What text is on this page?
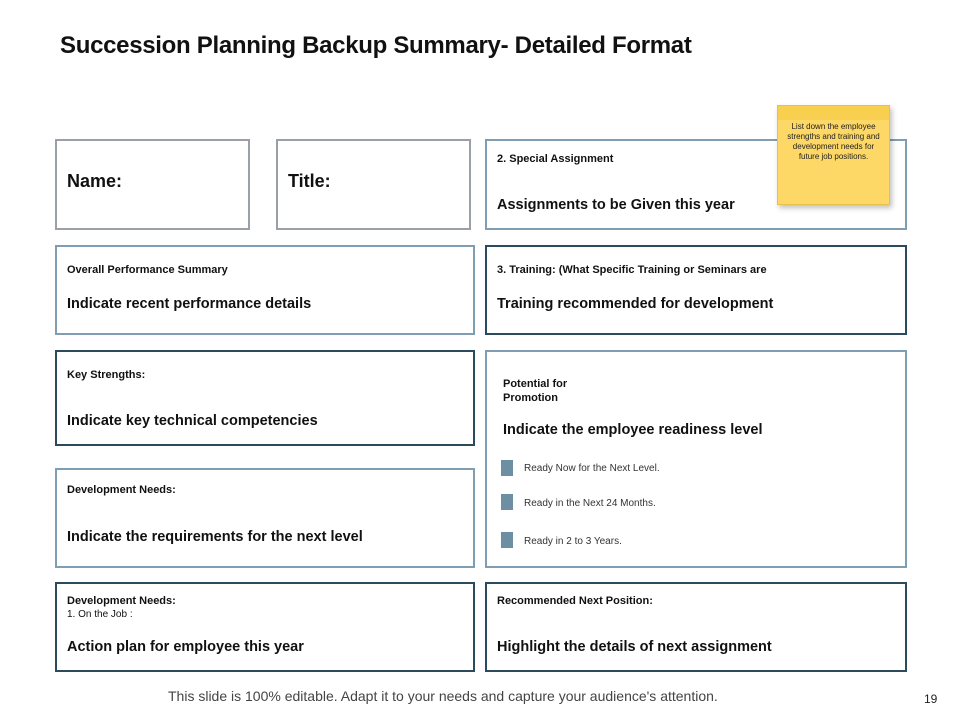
Succession Planning Backup Summary- Detailed Format
Name:	Title:
2. Special Assignment
Assignments to be Given this year
List down the employee strengths and training and development needs for future job positions.
Overall Performance Summary
Indicate recent performance details
3. Training: (What Specific Training or Seminars are
Training recommended for development
Key Strengths:
Indicate key technical competencies
Potential for
Promotion
Indicate the employee readiness level
Ready Now for the Next Level.
Ready in the Next 24 Months.
Ready in 2 to 3 Years.
Development Needs:
Indicate the requirements for the next level
Development Needs:
1. On the Job :
Action plan for employee this year
Recommended Next Position:
Highlight the details of next assignment
This slide is 100% editable. Adapt it to your needs and capture your audience's attention.	19
